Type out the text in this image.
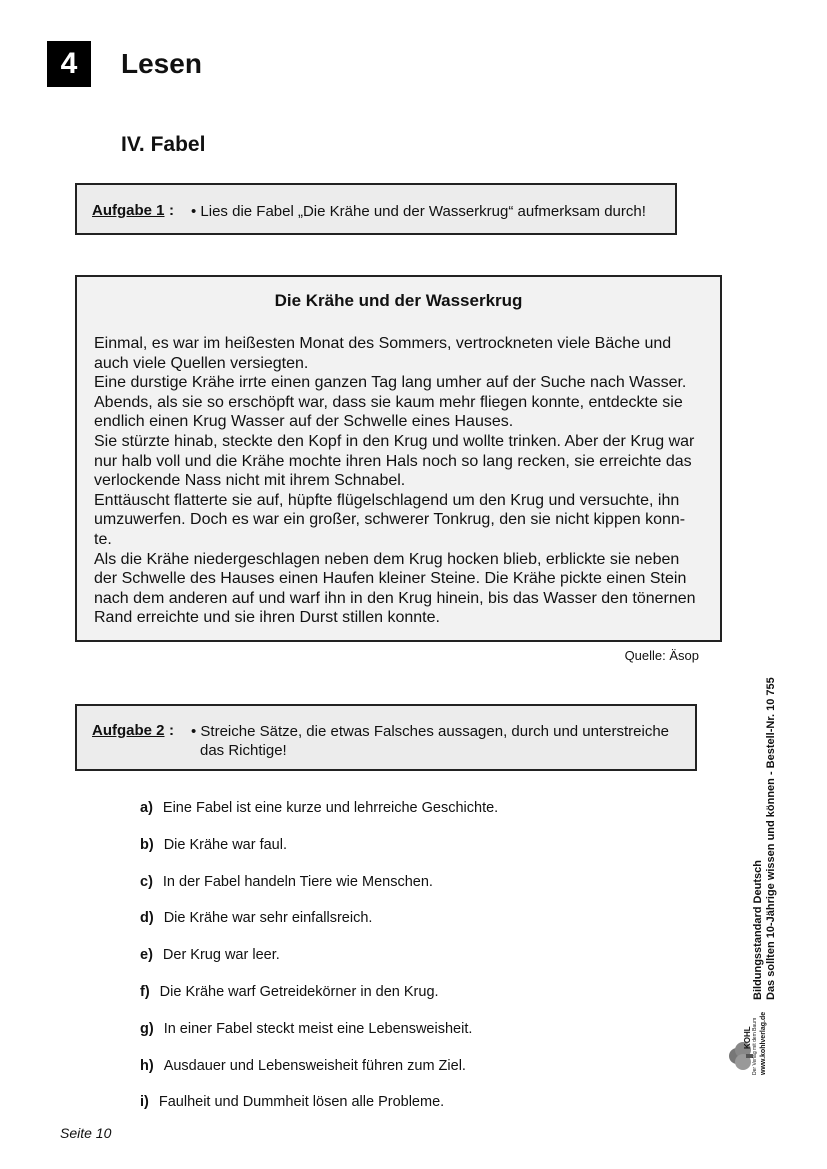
4	Lesen
IV. Fabel
Aufgabe 1 : • Lies die Fabel „Die Krähe und der Wasserkrug“ aufmerksam durch!
Die Krähe und der Wasserkrug

Einmal, es war im heißesten Monat des Sommers, vertrockneten viele Bäche und

auch viele Quellen versiegten.

Eine durstige Krähe irrte einen ganzen Tag lang umher auf der Suche nach Wasser.

Abends, als sie so erschöpft war, dass sie kaum mehr fliegen konnte, entdeckte sie

endlich einen Krug Wasser auf der Schwelle eines Hauses.

Sie stürzte hinab, steckte den Kopf in den Krug und wollte trinken. Aber der Krug war

nur halb voll und die Krähe mochte ihren Hals noch so lang recken, sie erreichte das

verlockende Nass nicht mit ihrem Schnabel.

Enttäuscht flatterte sie auf, hüpfte flügelschlagend um den Krug und versuchte, ihn

umzuwerfen. Doch es war ein großer, schwerer Tonkrug, den sie nicht kippen konn-

te.

Als die Krähe niedergeschlagen neben dem Krug hocken blieb, erblickte sie neben

der Schwelle des Hauses einen Haufen kleiner Steine. Die Krähe pickte einen Stein

nach dem anderen auf und warf ihn in den Krug hinein, bis das Wasser den tönernen

Rand erreichte und sie ihren Durst stillen konnte.

Quelle: Äsop
Aufgabe 2 : • Streiche Sätze, die etwas Falsches aussagen, durch und unterstreiche
das Richtige!
a) Eine Fabel ist eine kurze und lehrreiche Geschichte.
b) Die Krähe war faul.
c) In der Fabel handeln Tiere wie Menschen.
d) Die Krähe war sehr einfallsreich.
e) Der Krug war leer.
f) Die Krähe warf Getreidekörner in den Krug.
g) In einer Fabel steckt meist eine Lebensweisheit.
h) Ausdauer und Lebensweisheit führen zum Ziel.
i) Faulheit und Dummheit lösen alle Probleme.
Seite 10
Bildungsstandard Deutsch Das sollten 10-Jährige wissen und können - Bestell-Nr. 10 755
KOHL Der Verlag mit dem Baum www.kohlverlag.de
